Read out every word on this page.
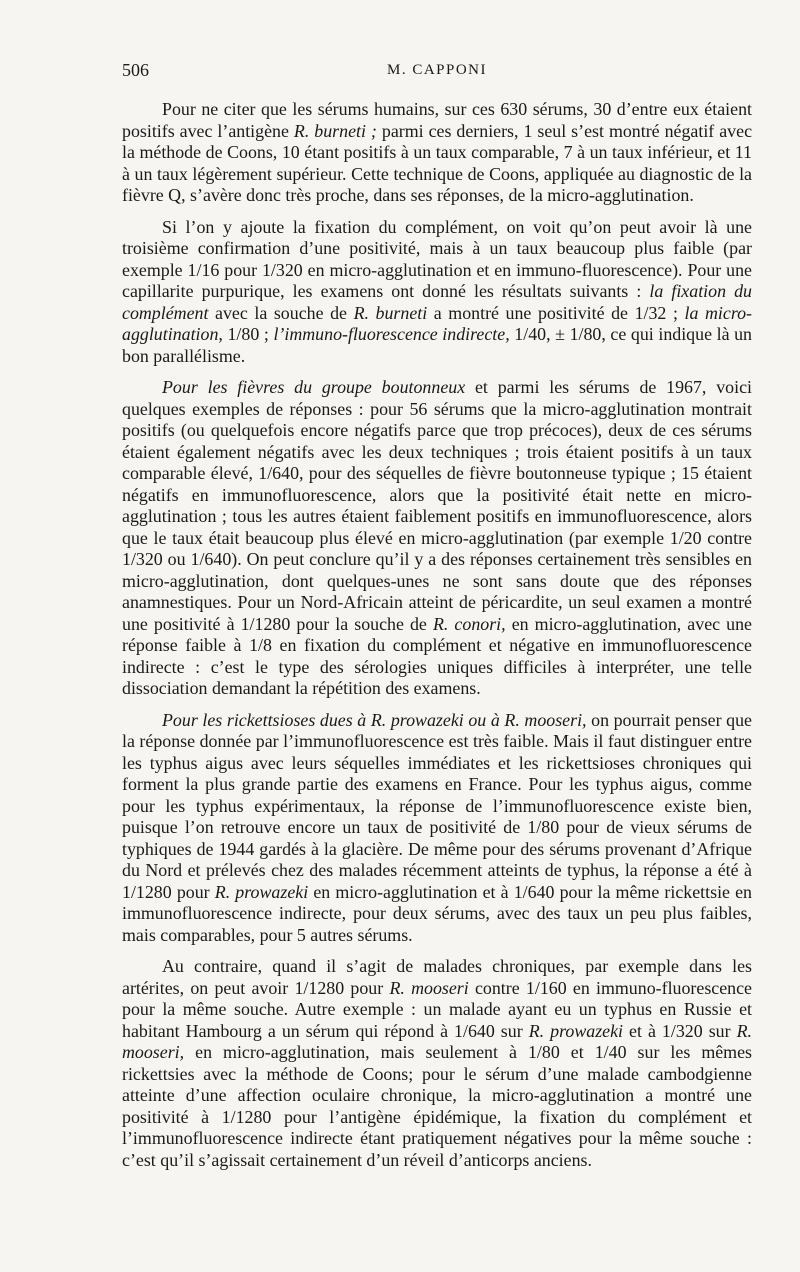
506	M. CAPPONI

Pour ne citer que les sérums humains, sur ces 630 sérums, 30 d’entre eux étaient positifs avec l’antigène R. burneti ; parmi ces derniers, 1 seul s’est montré négatif avec la méthode de Coons, 10 étant positifs à un taux comparable, 7 à un taux inférieur, et 11 à un taux légèrement supérieur. Cette technique de Coons, appliquée au diagnostic de la fièvre Q, s’avère donc très proche, dans ses réponses, de la micro-agglutination.

Si l’on y ajoute la fixation du complément, on voit qu’on peut avoir là une troisième confirmation d’une positivité, mais à un taux beaucoup plus faible (par exemple 1/16 pour 1/320 en micro-agglutination et en immuno-fluorescence). Pour une capillarite purpurique, les examens ont donné les résultats suivants : la fixation du complément avec la souche de R. burneti a montré une positivité de 1/32 ; la micro-agglutination, 1/80 ; l’immuno-fluorescence indirecte, 1/40, ± 1/80, ce qui indique là un bon parallélisme.

Pour les fièvres du groupe boutonneux et parmi les sérums de 1967, voici quelques exemples de réponses : pour 56 sérums que la micro-agglutination montrait positifs (ou quelquefois encore négatifs parce que trop précoces), deux de ces sérums étaient également négatifs avec les deux techniques ; trois étaient positifs à un taux comparable élevé, 1/640, pour des séquelles de fièvre boutonneuse typique ; 15 étaient négatifs en immunofluorescence, alors que la positivité était nette en micro-agglutination ; tous les autres étaient faiblement positifs en immunofluorescence, alors que le taux était beaucoup plus élevé en micro-agglutination (par exemple 1/20 contre 1/320 ou 1/640). On peut conclure qu’il y a des réponses certainement très sensibles en micro-agglutination, dont quelques-unes ne sont sans doute que des réponses anamnestiques. Pour un Nord-Africain atteint de péricardite, un seul examen a montré une positivité à 1/1280 pour la souche de R. conori, en micro-agglutination, avec une réponse faible à 1/8 en fixation du complément et négative en immunofluorescence indirecte : c’est le type des sérologies uniques difficiles à interpréter, une telle dissociation demandant la répétition des examens.

Pour les rickettsioses dues à R. prowazeki ou à R. mooseri, on pourrait penser que la réponse donnée par l’immunofluorescence est très faible. Mais il faut distinguer entre les typhus aigus avec leurs séquelles immédiates et les rickettsioses chroniques qui forment la plus grande partie des examens en France. Pour les typhus aigus, comme pour les typhus expérimentaux, la réponse de l’immunofluorescence existe bien, puisque l’on retrouve encore un taux de positivité de 1/80 pour de vieux sérums de typhiques de 1944 gardés à la glacière. De même pour des sérums provenant d’Afrique du Nord et prélevés chez des malades récemment atteints de typhus, la réponse a été à 1/1280 pour R. prowazeki en micro-agglutination et à 1/640 pour la même rickettsie en immunofluorescence indirecte, pour deux sérums, avec des taux un peu plus faibles, mais comparables, pour 5 autres sérums.

Au contraire, quand il s’agit de malades chroniques, par exemple dans les artérites, on peut avoir 1/1280 pour R. mooseri contre 1/160 en immuno-fluorescence pour la même souche. Autre exemple : un malade ayant eu un typhus en Russie et habitant Hambourg a un sérum qui répond à 1/640 sur R. prowazeki et à 1/320 sur R. mooseri, en micro-agglutination, mais seulement à 1/80 et 1/40 sur les mêmes rickettsies avec la méthode de Coons; pour le sérum d’une malade cambodgienne atteinte d’une affection oculaire chronique, la micro-agglutination a montré une positivité à 1/1280 pour l’antigène épidémique, la fixation du complément et l’immunofluorescence indirecte étant pratiquement négatives pour la même souche : c’est qu’il s’agissait certainement d’un réveil d’anticorps anciens.
